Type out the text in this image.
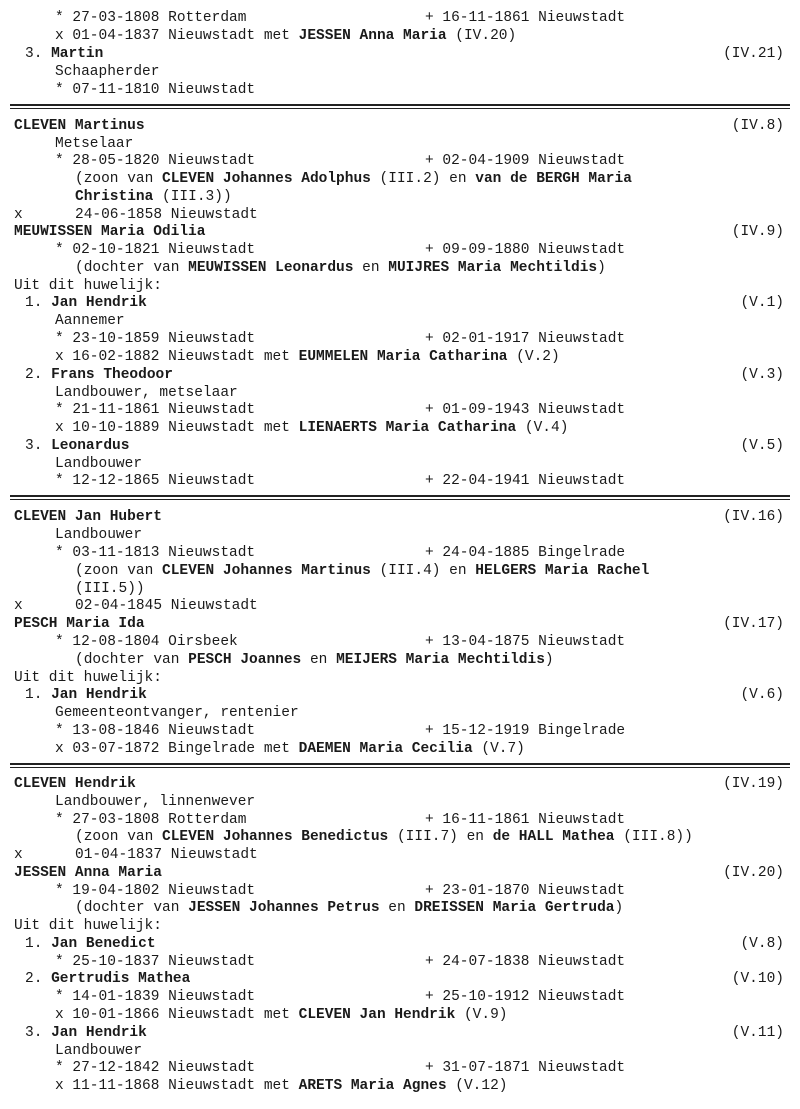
* 27-03-1808 Rotterdam	+ 16-11-1861 Nieuwstadt
x 01-04-1837 Nieuwstadt met JESSEN Anna Maria (IV.20)
3. Martin	(IV.21)
Schaapherder
* 07-11-1810 Nieuwstadt
CLEVEN Martinus	(IV.8)
Metselaar
* 28-05-1820 Nieuwstadt	+ 02-04-1909 Nieuwstadt
(zoon van CLEVEN Johannes Adolphus (III.2) en van de BERGH Maria
Christina (III.3))
x	24-06-1858 Nieuwstadt
MEUWISSEN Maria Odilia	(IV.9)
* 02-10-1821 Nieuwstadt	+ 09-09-1880 Nieuwstadt
(dochter van MEUWISSEN Leonardus en MUIJRES Maria Mechtildis)
Uit dit huwelijk:
1. Jan Hendrik	(V.1)
Aannemer
* 23-10-1859 Nieuwstadt	+ 02-01-1917 Nieuwstadt
x 16-02-1882 Nieuwstadt met EUMMELEN Maria Catharina (V.2)
2. Frans Theodoor	(V.3)
Landbouwer, metselaar
* 21-11-1861 Nieuwstadt	+ 01-09-1943 Nieuwstadt
x 10-10-1889 Nieuwstadt met LIENAERTS Maria Catharina (V.4)
3. Leonardus	(V.5)
Landbouwer
* 12-12-1865 Nieuwstadt	+ 22-04-1941 Nieuwstadt
CLEVEN Jan Hubert	(IV.16)
Landbouwer
* 03-11-1813 Nieuwstadt	+ 24-04-1885 Bingelrade
(zoon van CLEVEN Johannes Martinus (III.4) en HELGERS Maria Rachel
(III.5))
x	02-04-1845 Nieuwstadt
PESCH Maria Ida	(IV.17)
* 12-08-1804 Oirsbeek	+ 13-04-1875 Nieuwstadt
(dochter van PESCH Joannes en MEIJERS Maria Mechtildis)
Uit dit huwelijk:
1. Jan Hendrik	(V.6)
Gemeenteontvanger, rentenier
* 13-08-1846 Nieuwstadt	+ 15-12-1919 Bingelrade
x 03-07-1872 Bingelrade met DAEMEN Maria Cecilia (V.7)
CLEVEN Hendrik	(IV.19)
Landbouwer, linnenwever
* 27-03-1808 Rotterdam	+ 16-11-1861 Nieuwstadt
(zoon van CLEVEN Johannes Benedictus (III.7) en de HALL Mathea (III.8))
x	01-04-1837 Nieuwstadt
JESSEN Anna Maria	(IV.20)
* 19-04-1802 Nieuwstadt	+ 23-01-1870 Nieuwstadt
(dochter van JESSEN Johannes Petrus en DREISSEN Maria Gertruda)
Uit dit huwelijk:
1. Jan Benedict	(V.8)
* 25-10-1837 Nieuwstadt	+ 24-07-1838 Nieuwstadt
2. Gertrudis Mathea	(V.10)
* 14-01-1839 Nieuwstadt	+ 25-10-1912 Nieuwstadt
x 10-01-1866 Nieuwstadt met CLEVEN Jan Hendrik (V.9)
3. Jan Hendrik	(V.11)
Landbouwer
* 27-12-1842 Nieuwstadt	+ 31-07-1871 Nieuwstadt
x 11-11-1868 Nieuwstadt met ARETS Maria Agnes (V.12)
